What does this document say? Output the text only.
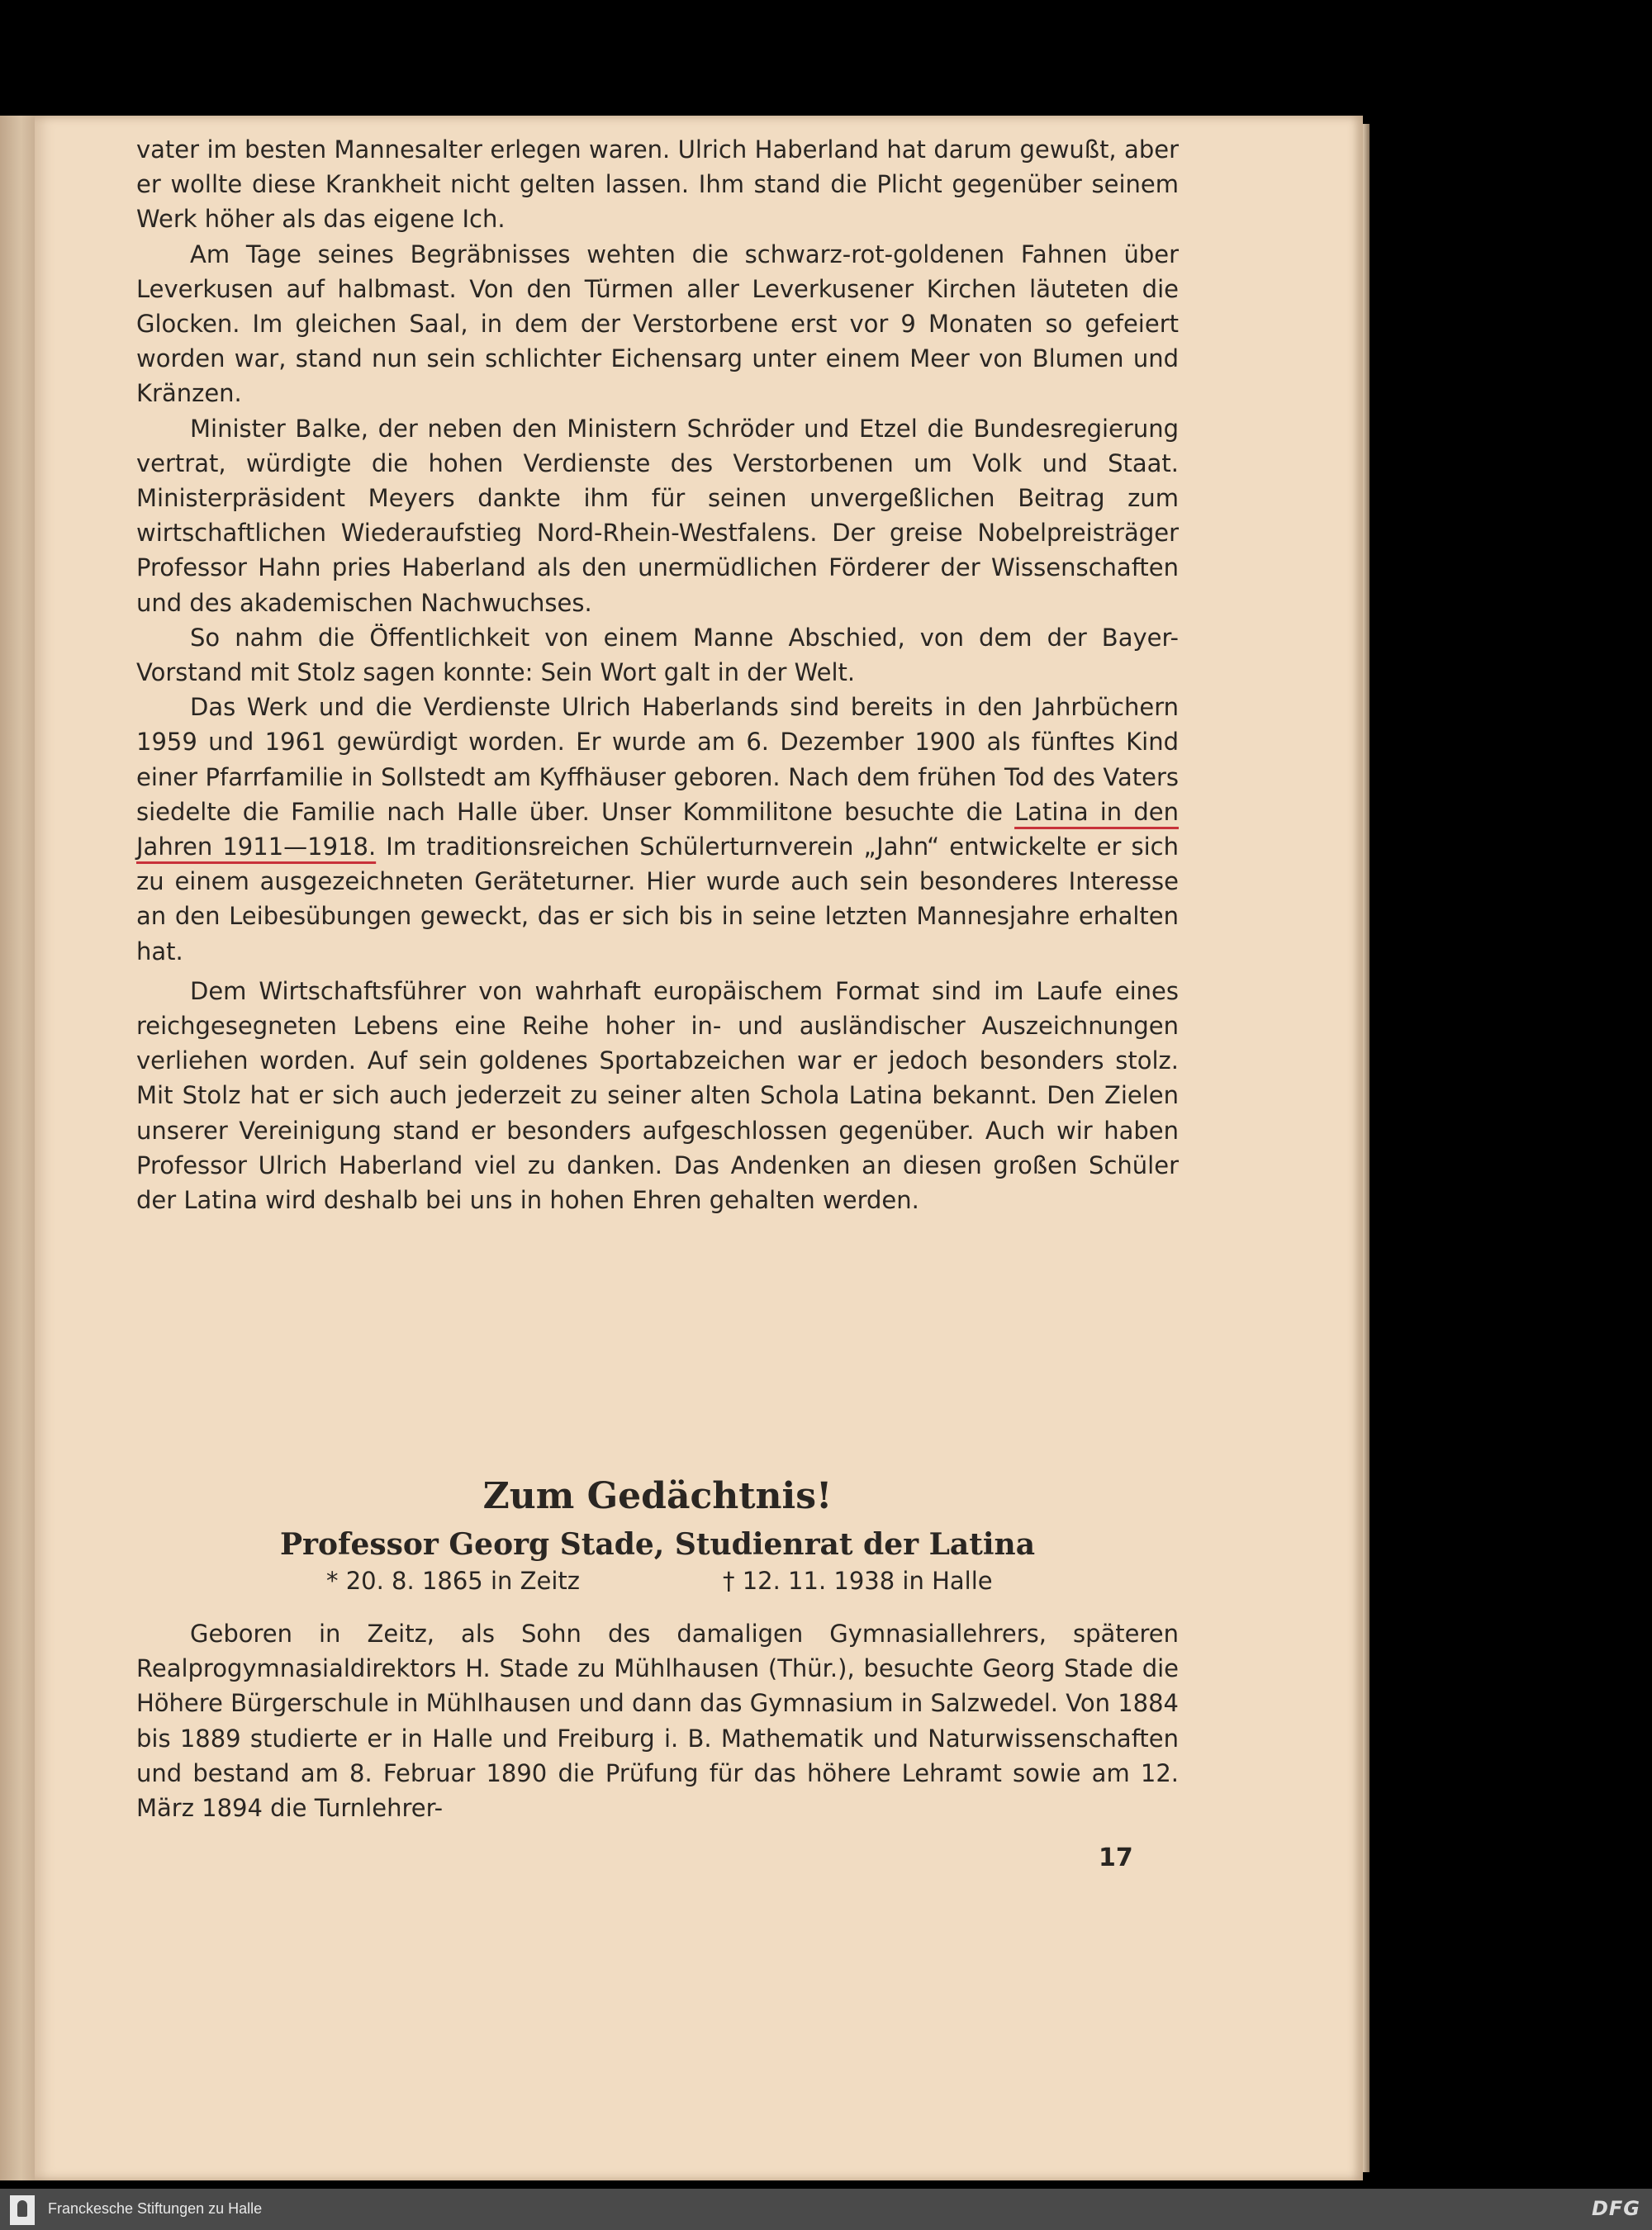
vater im besten Mannesalter erlegen waren. Ulrich Haberland hat darum gewußt, aber er wollte diese Krankheit nicht gelten lassen. Ihm stand die Plicht gegenüber seinem Werk höher als das eigene Ich.

Am Tage seines Begräbnisses wehten die schwarz-rot-goldenen Fahnen über Leverkusen auf halbmast. Von den Türmen aller Leverkusener Kirchen läuteten die Glocken. Im gleichen Saal, in dem der Verstorbene erst vor 9 Monaten so gefeiert worden war, stand nun sein schlichter Eichensarg unter einem Meer von Blumen und Kränzen.

Minister Balke, der neben den Ministern Schröder und Etzel die Bundesregierung vertrat, würdigte die hohen Verdienste des Verstorbenen um Volk und Staat. Ministerpräsident Meyers dankte ihm für seinen unvergeßlichen Beitrag zum wirtschaftlichen Wiederaufstieg Nord-Rhein-Westfalens. Der greise Nobelpreisträger Professor Hahn pries Haberland als den unermüdlichen Förderer der Wissenschaften und des akademischen Nachwuchses.

So nahm die Öffentlichkeit von einem Manne Abschied, von dem der Bayer-Vorstand mit Stolz sagen konnte: Sein Wort galt in der Welt.

Das Werk und die Verdienste Ulrich Haberlands sind bereits in den Jahrbüchern 1959 und 1961 gewürdigt worden. Er wurde am 6. Dezember 1900 als fünftes Kind einer Pfarrfamilie in Sollstedt am Kyffhäuser geboren. Nach dem frühen Tod des Vaters siedelte die Familie nach Halle über. Unser Kommilitone besuchte die Latina in den Jahren 1911—1918. Im traditionsreichen Schülerturnverein „Jahn“ entwickelte er sich zu einem ausgezeichneten Geräteturner. Hier wurde auch sein besonderes Interesse an den Leibesübungen geweckt, das er sich bis in seine letzten Mannesjahre erhalten hat.

Dem Wirtschaftsführer von wahrhaft europäischem Format sind im Laufe eines reichgesegneten Lebens eine Reihe hoher in- und ausländischer Auszeichnungen verliehen worden. Auf sein goldenes Sportabzeichen war er jedoch besonders stolz. Mit Stolz hat er sich auch jederzeit zu seiner alten Schola Latina bekannt. Den Zielen unserer Vereinigung stand er besonders aufgeschlossen gegenüber. Auch wir haben Professor Ulrich Haberland viel zu danken. Das Andenken an diesen großen Schüler der Latina wird deshalb bei uns in hohen Ehren gehalten werden.

Zum Gedächtnis!
Professor Georg Stade, Studienrat der Latina
* 20. 8. 1865 in Zeitz	† 12. 11. 1938 in Halle

Geboren in Zeitz, als Sohn des damaligen Gymnasiallehrers, späteren Realprogymnasialdirektors H. Stade zu Mühlhausen (Thür.), besuchte Georg Stade die Höhere Bürgerschule in Mühlhausen und dann das Gymnasium in Salzwedel. Von 1884 bis 1889 studierte er in Halle und Freiburg i. B. Mathematik und Naturwissenschaften und bestand am 8. Februar 1890 die Prüfung für das höhere Lehramt sowie am 12. März 1894 die Turnlehrer-

17
Franckesche Stiftungen zu Halle	DFG
